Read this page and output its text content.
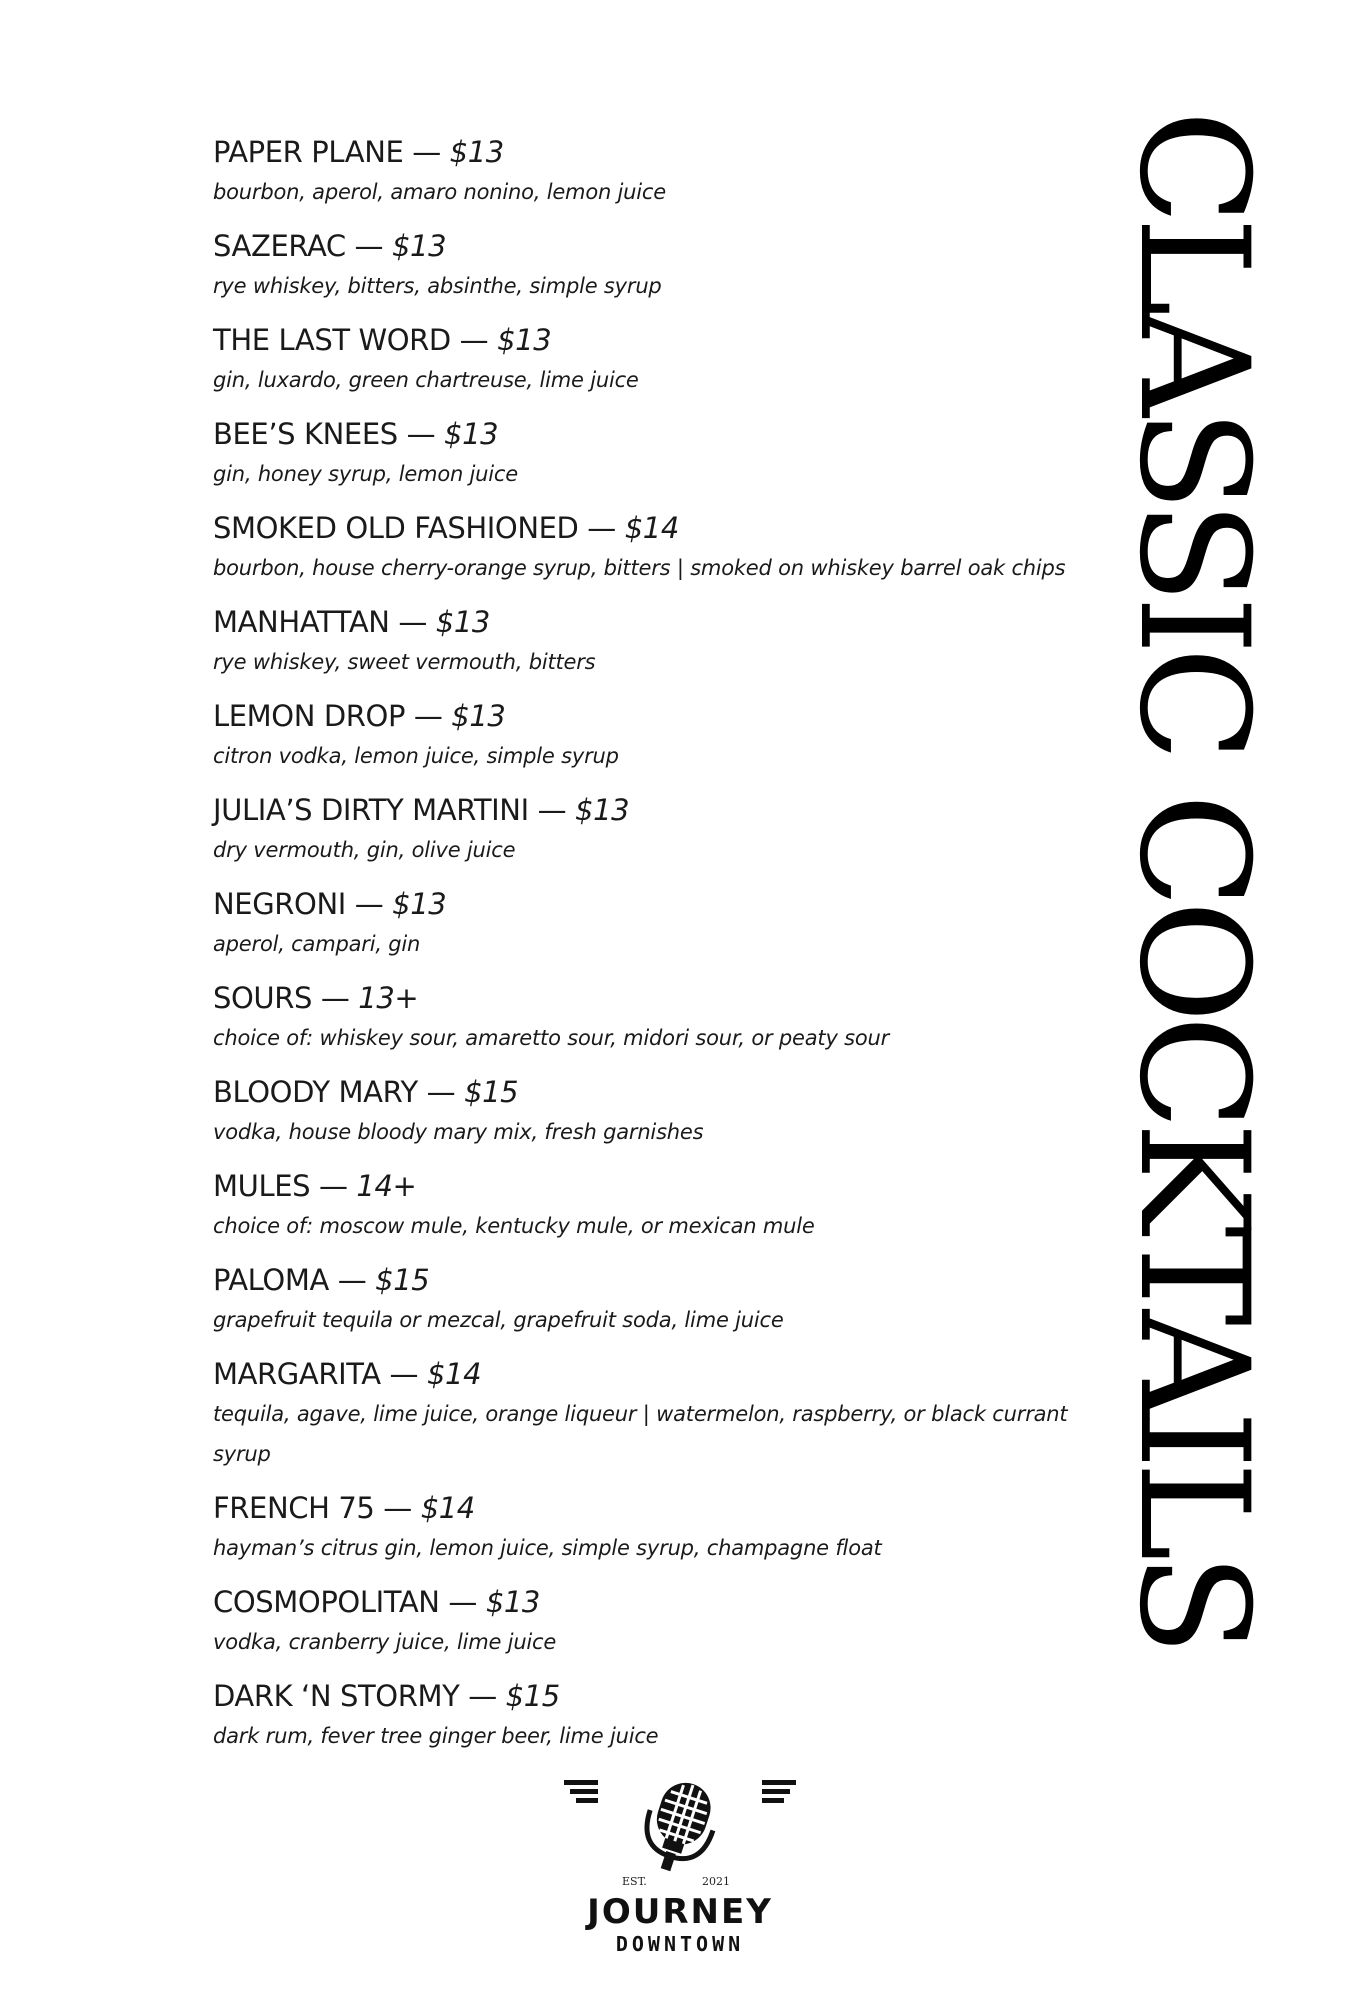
PAPER PLANE — $13
bourbon, aperol, amaro nonino, lemon juice
SAZERAC — $13
rye whiskey, bitters, absinthe, simple syrup
THE LAST WORD — $13
gin, luxardo, green chartreuse, lime juice
BEE’S KNEES — $13
gin, honey syrup, lemon juice
SMOKED OLD FASHIONED — $14
bourbon, house cherry-orange syrup, bitters | smoked on whiskey barrel oak chips
MANHATTAN — $13
rye whiskey, sweet vermouth, bitters
LEMON DROP — $13
citron vodka, lemon juice, simple syrup
JULIA’S DIRTY MARTINI — $13
dry vermouth, gin, olive juice
NEGRONI — $13
aperol, campari, gin
SOURS — 13+
choice of: whiskey sour, amaretto sour, midori sour, or peaty sour
BLOODY MARY — $15
vodka, house bloody mary mix, fresh garnishes
MULES — 14+
choice of: moscow mule, kentucky mule, or mexican mule
PALOMA — $15
grapefruit tequila or mezcal, grapefruit soda, lime juice
MARGARITA — $14
tequila, agave, lime juice, orange liqueur | watermelon, raspberry, or black currant syrup
FRENCH 75 — $14
hayman’s citrus gin, lemon juice, simple syrup, champagne float
COSMOPOLITAN — $13
vodka, cranberry juice, lime juice
DARK ‘N STORMY — $15
dark rum, fever tree ginger beer, lime juice
CLASSIC COCKTAILS
EST.	2021
JOURNEY
DOWNTOWN
